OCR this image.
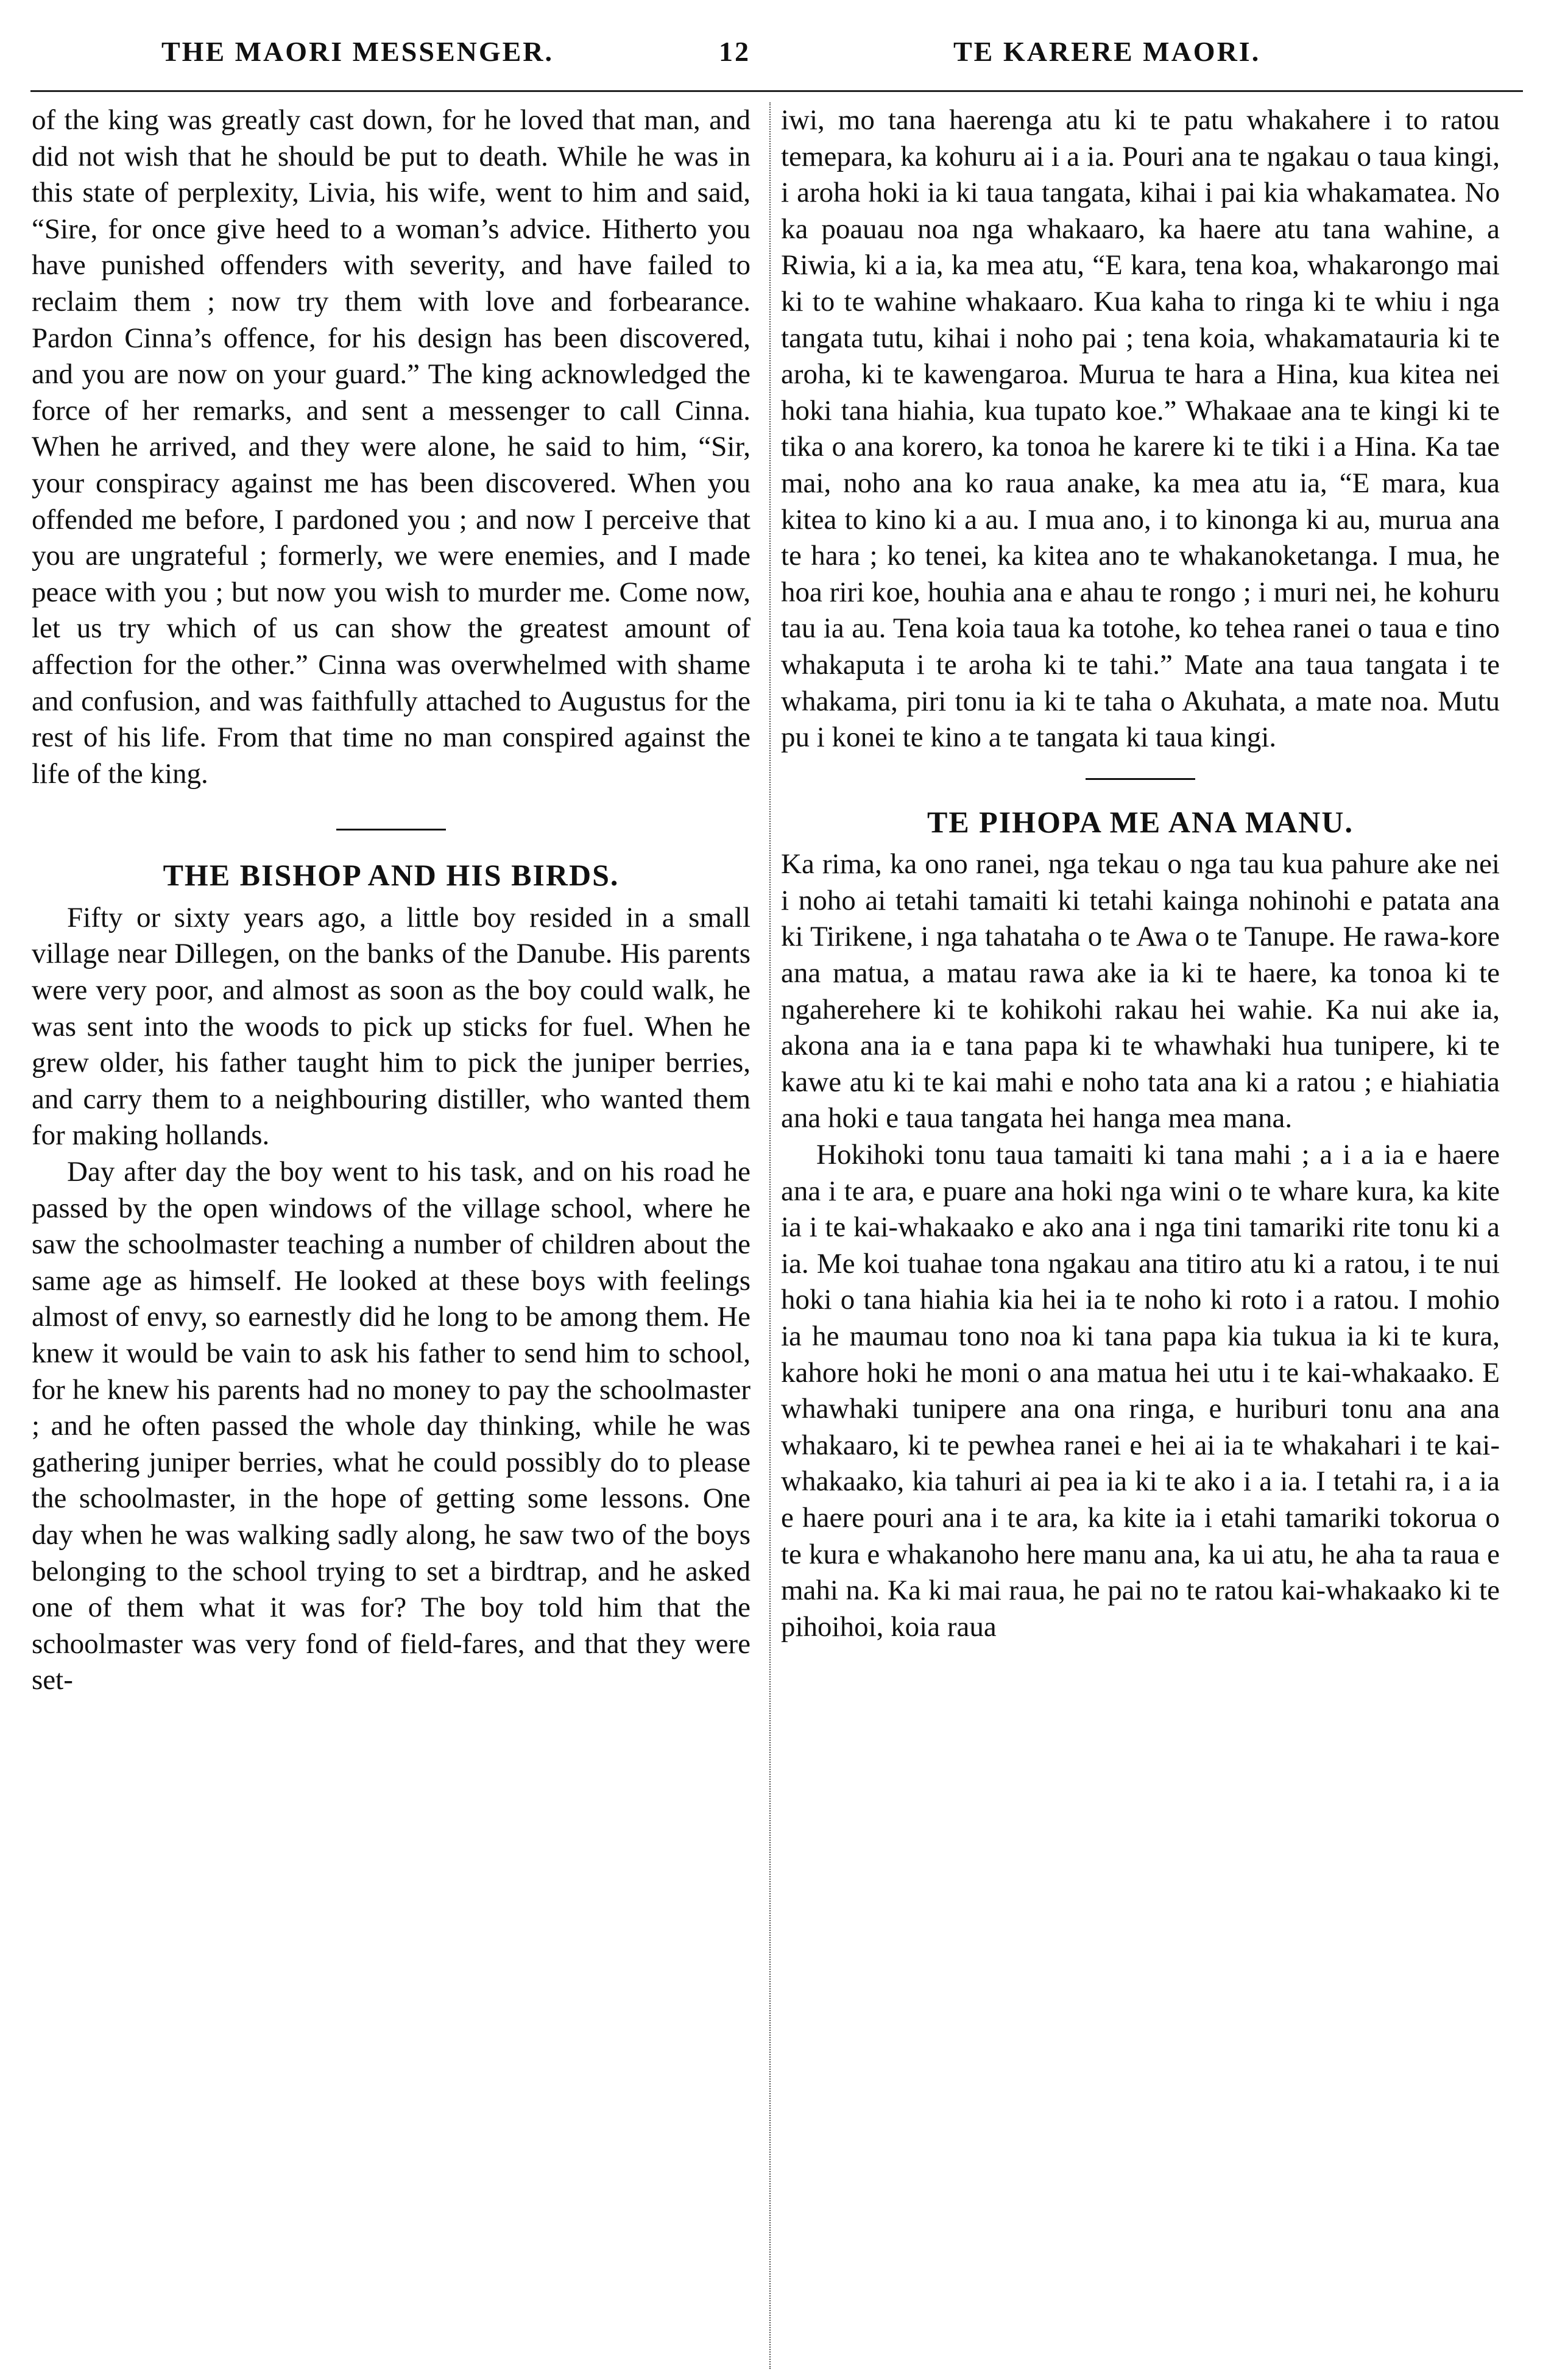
THE MAORI MESSENGER.	12	TE KARERE MAORI.

of the king was greatly cast down, for he loved that man, and did not wish that he should be put to death. While he was in this state of perplexity, Livia, his wife, went to him and said, “Sire, for once give heed to a woman’s advice. Hitherto you have punished offenders with severity, and have failed to reclaim them ; now try them with love and forbearance. Pardon Cinna’s offence, for his design has been discovered, and you are now on your guard.” The king acknowledged the force of her remarks, and sent a messenger to call Cinna. When he arrived, and they were alone, he said to him, “Sir, your conspiracy against me has been discovered. When you offended me before, I pardoned you ; and now I perceive that you are ungrateful ; formerly, we were enemies, and I made peace with you ; but now you wish to murder me. Come now, let us try which of us can show the greatest amount of affection for the other.” Cinna was overwhelmed with shame and confusion, and was faithfully attached to Augustus for the rest of his life. From that time no man conspired against the life of the king.

THE BISHOP AND HIS BIRDS.

Fifty or sixty years ago, a little boy resided in a small village near Dillegen, on the banks of the Danube. His parents were very poor, and almost as soon as the boy could walk, he was sent into the woods to pick up sticks for fuel. When he grew older, his father taught him to pick the juniper berries, and carry them to a neighbouring distiller, who wanted them for making hollands.

Day after day the boy went to his task, and on his road he passed by the open windows of the village school, where he saw the schoolmaster teaching a number of children about the same age as himself. He looked at these boys with feelings almost of envy, so earnestly did he long to be among them. He knew it would be vain to ask his father to send him to school, for he knew his parents had no money to pay the schoolmaster ; and he often passed the whole day thinking, while he was gathering juniper berries, what he could possibly do to please the schoolmaster, in the hope of getting some lessons. One day when he was walking sadly along, he saw two of the boys belonging to the school trying to set a birdtrap, and he asked one of them what it was for? The boy told him that the schoolmaster was very fond of field-fares, and that they were set-

iwi, mo tana haerenga atu ki te patu whakahere i to ratou temepara, ka kohuru ai i a ia. Pouri ana te ngakau o taua kingi, i aroha hoki ia ki taua tangata, kihai i pai kia whakamatea. No ka poauau noa nga whakaaro, ka haere atu tana wahine, a Riwia, ki a ia, ka mea atu, “E kara, tena koa, whakarongo mai ki to te wahine whakaaro. Kua kaha to ringa ki te whiu i nga tangata tutu, kihai i noho pai ; tena koia, whakamatauria ki te aroha, ki te kawengaroa. Murua te hara a Hina, kua kitea nei hoki tana hiahia, kua tupato koe.” Whakaae ana te kingi ki te tika o ana korero, ka tonoa he karere ki te tiki i a Hina. Ka tae mai, noho ana ko raua anake, ka mea atu ia, “E mara, kua kitea to kino ki a au. I mua ano, i to kinonga ki au, murua ana te hara ; ko tenei, ka kitea ano te whakanoketanga. I mua, he hoa riri koe, houhia ana e ahau te rongo ; i muri nei, he kohuru tau ia au. Tena koia taua ka totohe, ko tehea ranei o taua e tino whakaputa i te aroha ki te tahi.” Mate ana taua tangata i te whakama, piri tonu ia ki te taha o Akuhata, a mate noa. Mutu pu i konei te kino a te tangata ki taua kingi.

TE PIHOPA ME ANA MANU.

Ka rima, ka ono ranei, nga tekau o nga tau kua pahure ake nei i noho ai tetahi tamaiti ki tetahi kainga nohinohi e patata ana ki Tirikene, i nga tahataha o te Awa o te Tanupe. He rawa-kore ana matua, a matau rawa ake ia ki te haere, ka tonoa ki te ngaherehere ki te kohikohi rakau hei wahie. Ka nui ake ia, akona ana ia e tana papa ki te whawhaki hua tunipere, ki te kawe atu ki te kai mahi e noho tata ana ki a ratou ; e hiahiatia ana hoki e taua tangata hei hanga mea mana.

Hokihoki tonu taua tamaiti ki tana mahi ; a i a ia e haere ana i te ara, e puare ana hoki nga wini o te whare kura, ka kite ia i te kai-whakaako e ako ana i nga tini tamariki rite tonu ki a ia. Me koi tuahae tona ngakau ana titiro atu ki a ratou, i te nui hoki o tana hiahia kia hei ia te noho ki roto i a ratou. I mohio ia he maumau tono noa ki tana papa kia tukua ia ki te kura, kahore hoki he moni o ana matua hei utu i te kai-whakaako. E whawhaki tunipere ana ona ringa, e huriburi tonu ana ana whakaaro, ki te pewhea ranei e hei ai ia te whakahari i te kai-whakaako, kia tahuri ai pea ia ki te ako i a ia. I tetahi ra, i a ia e haere pouri ana i te ara, ka kite ia i etahi tamariki tokorua o te kura e whakanoho here manu ana, ka ui atu, he aha ta raua e mahi na. Ka ki mai raua, he pai no te ratou kai-whakaako ki te pihoihoi, koia raua
